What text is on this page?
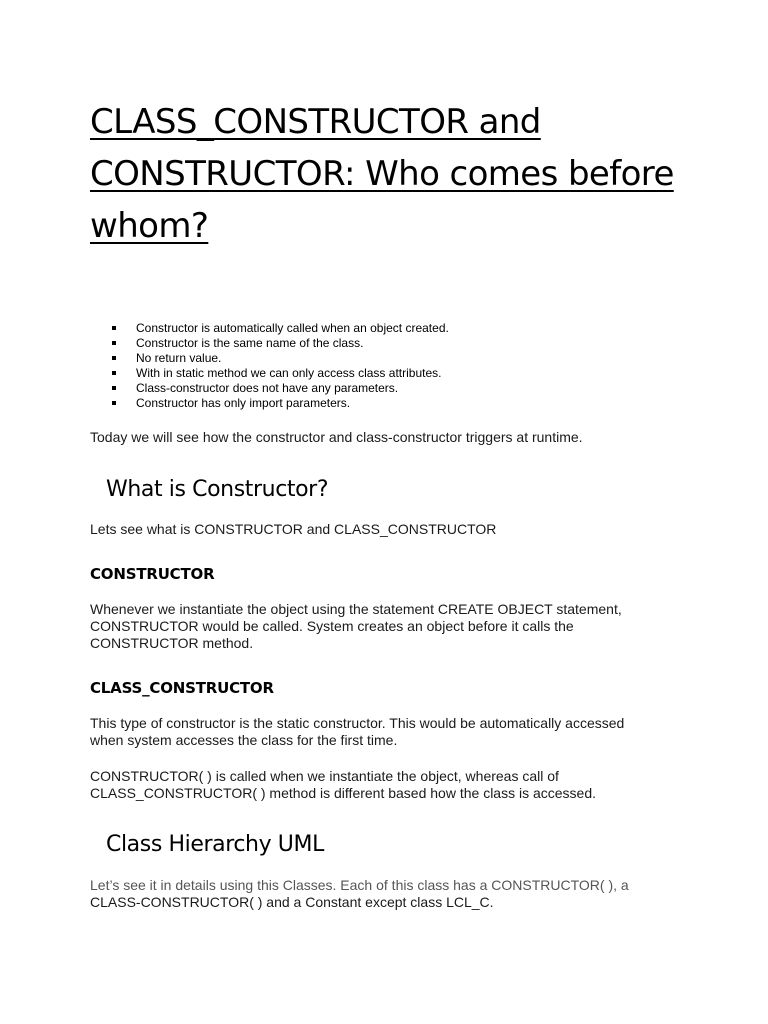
CLASS_CONSTRUCTOR and
CONSTRUCTOR: Who comes before
whom?
Constructor is automatically called when an object created.
Constructor is the same name of the class.
No return value.
With in static method we can only access class attributes.
Class-constructor does not have any parameters.
Constructor has only import parameters.

Today we will see how the constructor and class-constructor triggers at runtime.

What is Constructor?

Lets see what is CONSTRUCTOR and CLASS_CONSTRUCTOR

CONSTRUCTOR

Whenever we instantiate the object using the statement CREATE OBJECT statement,
CONSTRUCTOR would be called. System creates an object before it calls the
CONSTRUCTOR method.

CLASS_CONSTRUCTOR

This type of constructor is the static constructor. This would be automatically accessed
when system accesses the class for the first time.

CONSTRUCTOR( ) is called when we instantiate the object, whereas call of
CLASS_CONSTRUCTOR( ) method is different based how the class is accessed.

Class Hierarchy UML

Let’s see it in details using this Classes. Each of this class has a CONSTRUCTOR( ), a
CLASS-CONSTRUCTOR( ) and a Constant except class LCL_C.
